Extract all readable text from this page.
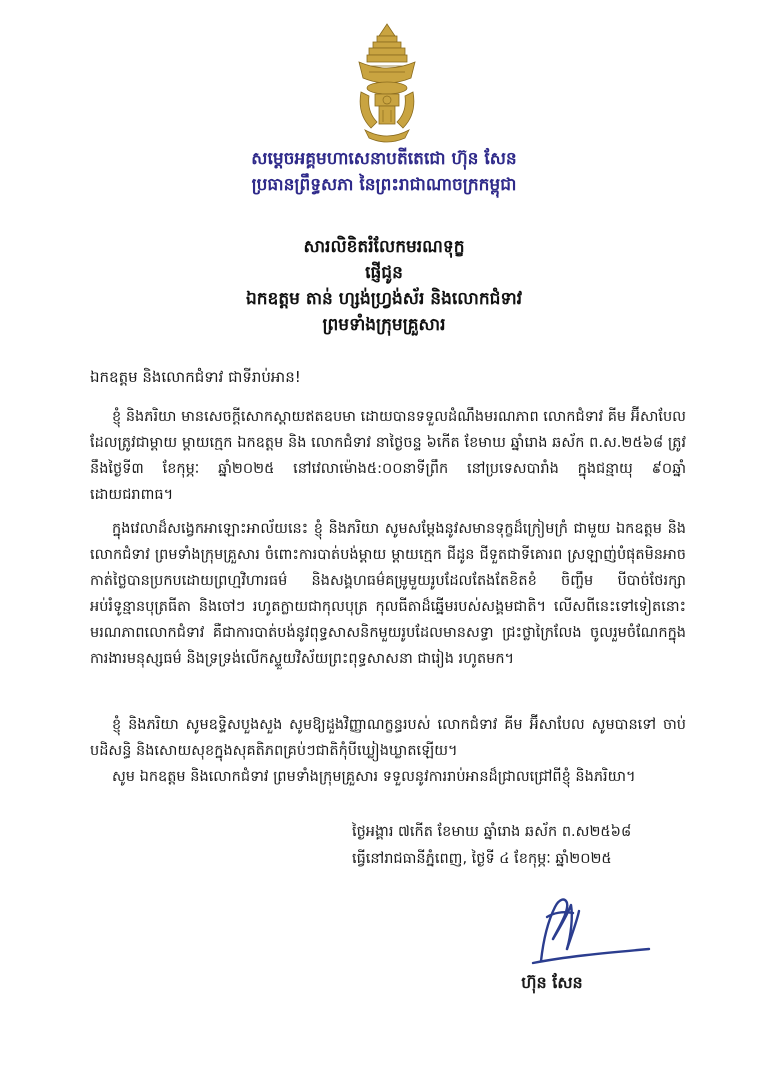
សម្តេចអគ្គមហាសេនាបតីតេជោ ហ៊ុន សែន
ប្រធានព្រឹទ្ធសភា នៃព្រះរាជាណាចក្រកម្ពុជា
សារលិខិតរំលែកមរណទុក្ខ
ផ្ញើជូន
ឯកឧត្តម តាន់ ហ្សង់ហ្វ្រង់ស័រ និងលោកជំទាវ
ព្រមទាំងក្រុមគ្រួសារ
ឯកឧត្តម និងលោកជំទាវ ជាទីរាប់អាន!
ខ្ញុំ និងភរិយា មានសេចក្តីសោកស្តាយឥតឧបមា ដោយបានទទួលដំណឹងមរណភាព លោកជំទាវ គីម អ៊ីសាបែល ដែលត្រូវជាម្តាយ ម្តាយក្មេក ឯកឧត្តម និង លោកជំទាវ នាថ្ងៃចន្ទ ៦កើត ខែមាឃ ឆ្នាំរោង ឆស័ក ព.ស.២៥៦៨ ត្រូវនឹងថ្ងៃទី៣ ខែកុម្ភៈ ឆ្នាំ២០២៥ នៅវេលាម៉ោង៥:០០នាទីព្រឹក នៅប្រទេសបារាំង ក្នុងជន្មាយុ ៩០ឆ្នាំ ដោយជរាពាធ។
ក្នុងវេលាដ៏សង្វេកអាឡោះអាល័យនេះ ខ្ញុំ និងភរិយា សូមសម្តែងនូវសមានទុក្ខដ៏ក្រៀមក្រំ ជាមួយ ឯកឧត្តម និងលោកជំទាវ ព្រមទាំងក្រុមគ្រួសារ ចំពោះការបាត់បង់ម្តាយ ម្តាយក្មេក ជីដូន ជីទួតជាទីគោរព ស្រឡាញ់បំផុតមិនអាចកាត់ថ្លៃបានប្រកបដោយព្រហ្មវិហារធម៌ និងសង្គហធម៌គម្រូមួយរូបដែលតែងតែខិតខំ ចិញ្ចឹម បីបាច់ថែរក្សា អប់រំទូន្មានបុត្រធីតា និងចៅៗ រហូតក្លាយជាកុលបុត្រ កុលធីតាដ៏ឆ្នើមរបស់សង្គមជាតិ។ លើសពីនេះទៅទៀតនោះ មរណភាពលោកជំទាវ គឺជាការបាត់បង់នូវពុទ្ធសាសនិកមួយរូបដែលមានសទ្ធា ជ្រះថ្លាក្រៃលែង ចូលរួមចំណែកក្នុងការងារមនុស្សធម៌ និងទ្រទ្រង់លើកស្ទួយវិស័យព្រះពុទ្ធសាសនា ជារៀង រហូតមក។
ខ្ញុំ និងភរិយា សូមឧទ្ទិសបួងសួង សូមឱ្យដួងវិញ្ញាណក្ខន្ធរបស់ លោកជំទាវ គីម អ៊ីសាបែល សូមបានទៅ ចាប់បដិសន្ធិ និងសោយសុខក្នុងសុគតិភពគ្រប់ៗជាតិកុំបីឃ្លៀងឃ្លាតឡើយ។
សូម ឯកឧត្តម និងលោកជំទាវ ព្រមទាំងក្រុមគ្រួសារ ទទួលនូវការរាប់អានដ៏ជ្រាលជ្រៅពីខ្ញុំ និងភរិយា។
ថ្ងៃអង្គារ ៧កើត ខែមាឃ ឆ្នាំរោង ឆស័ក ព.ស២៥៦៨
ធ្វើនៅរាជធានីភ្នំពេញ, ថ្ងៃទី ៤ ខែកុម្ភៈ ឆ្នាំ២០២៥
ហ៊ុន សែន
